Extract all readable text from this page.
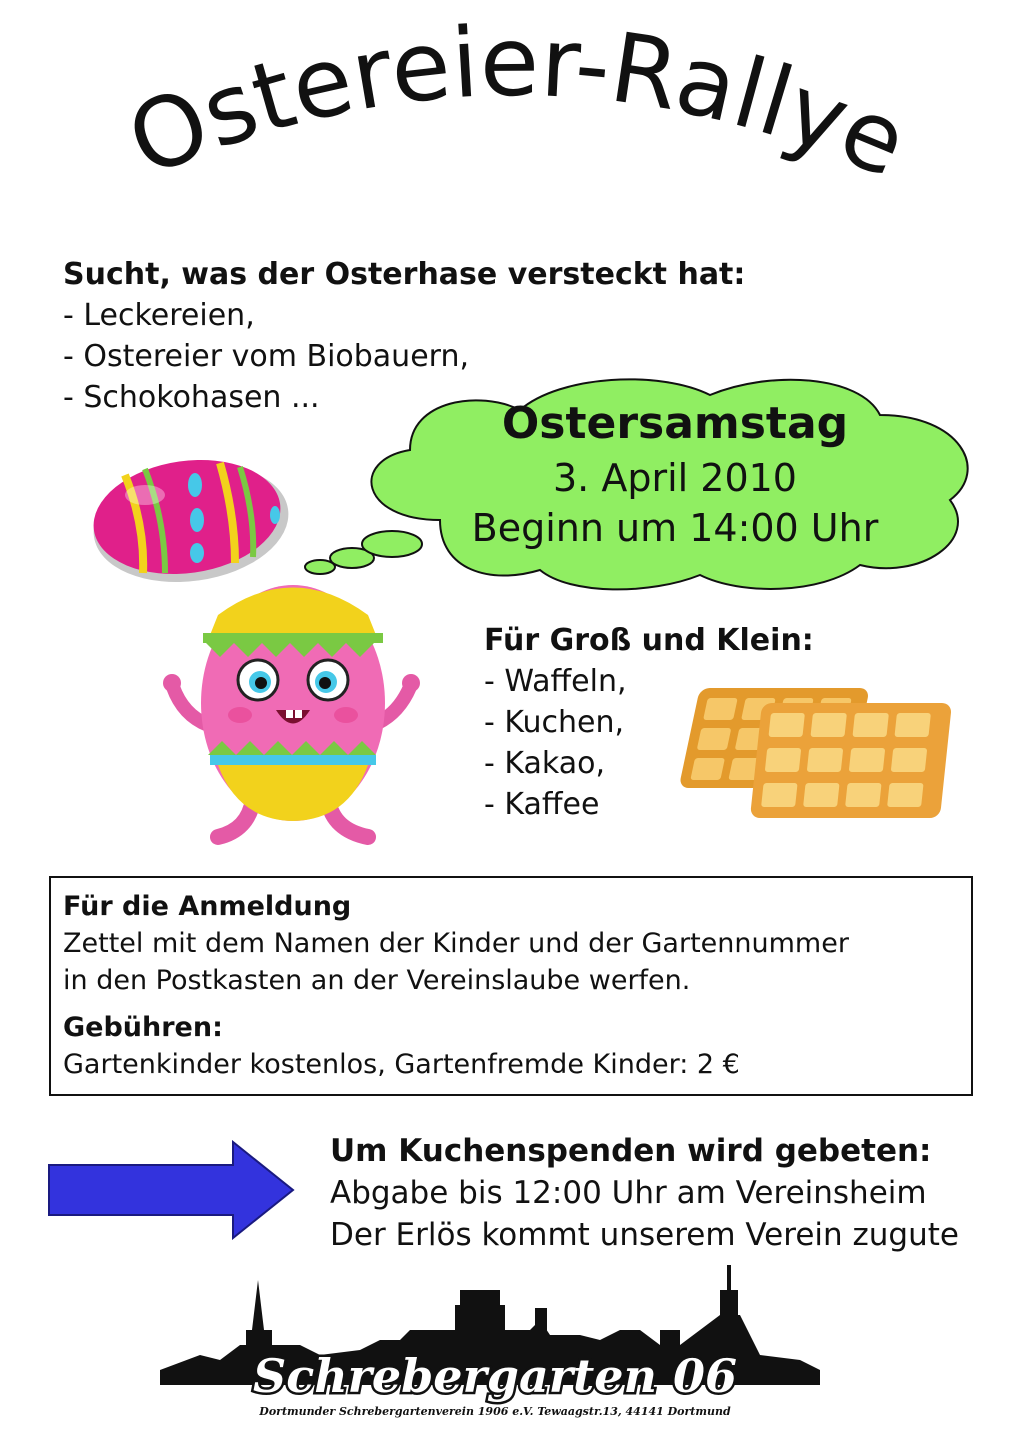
Ostereier-Rallye
Sucht, was der Osterhase versteckt hat:
- Leckereien,
- Ostereier vom Biobauern,
- Schokohasen ...
Ostersamstag
3. April 2010
Beginn um 14:00 Uhr
Für Groß und Klein:
- Waffeln,
- Kuchen,
- Kakao,
- Kaffee
Für die Anmeldung
Zettel mit dem Namen der Kinder und der Gartennummer
in den Postkasten an der Vereinslaube werfen.
Gebühren:
Gartenkinder kostenlos, Gartenfremde Kinder: 2 €
Um Kuchenspenden wird gebeten:
Abgabe bis 12:00 Uhr am Vereinsheim
Der Erlös kommt unserem Verein zugute
Schrebergarten 06
Dortmunder Schrebergartenverein 1906 e.V. Tewaagstr.13, 44141 Dortmund
